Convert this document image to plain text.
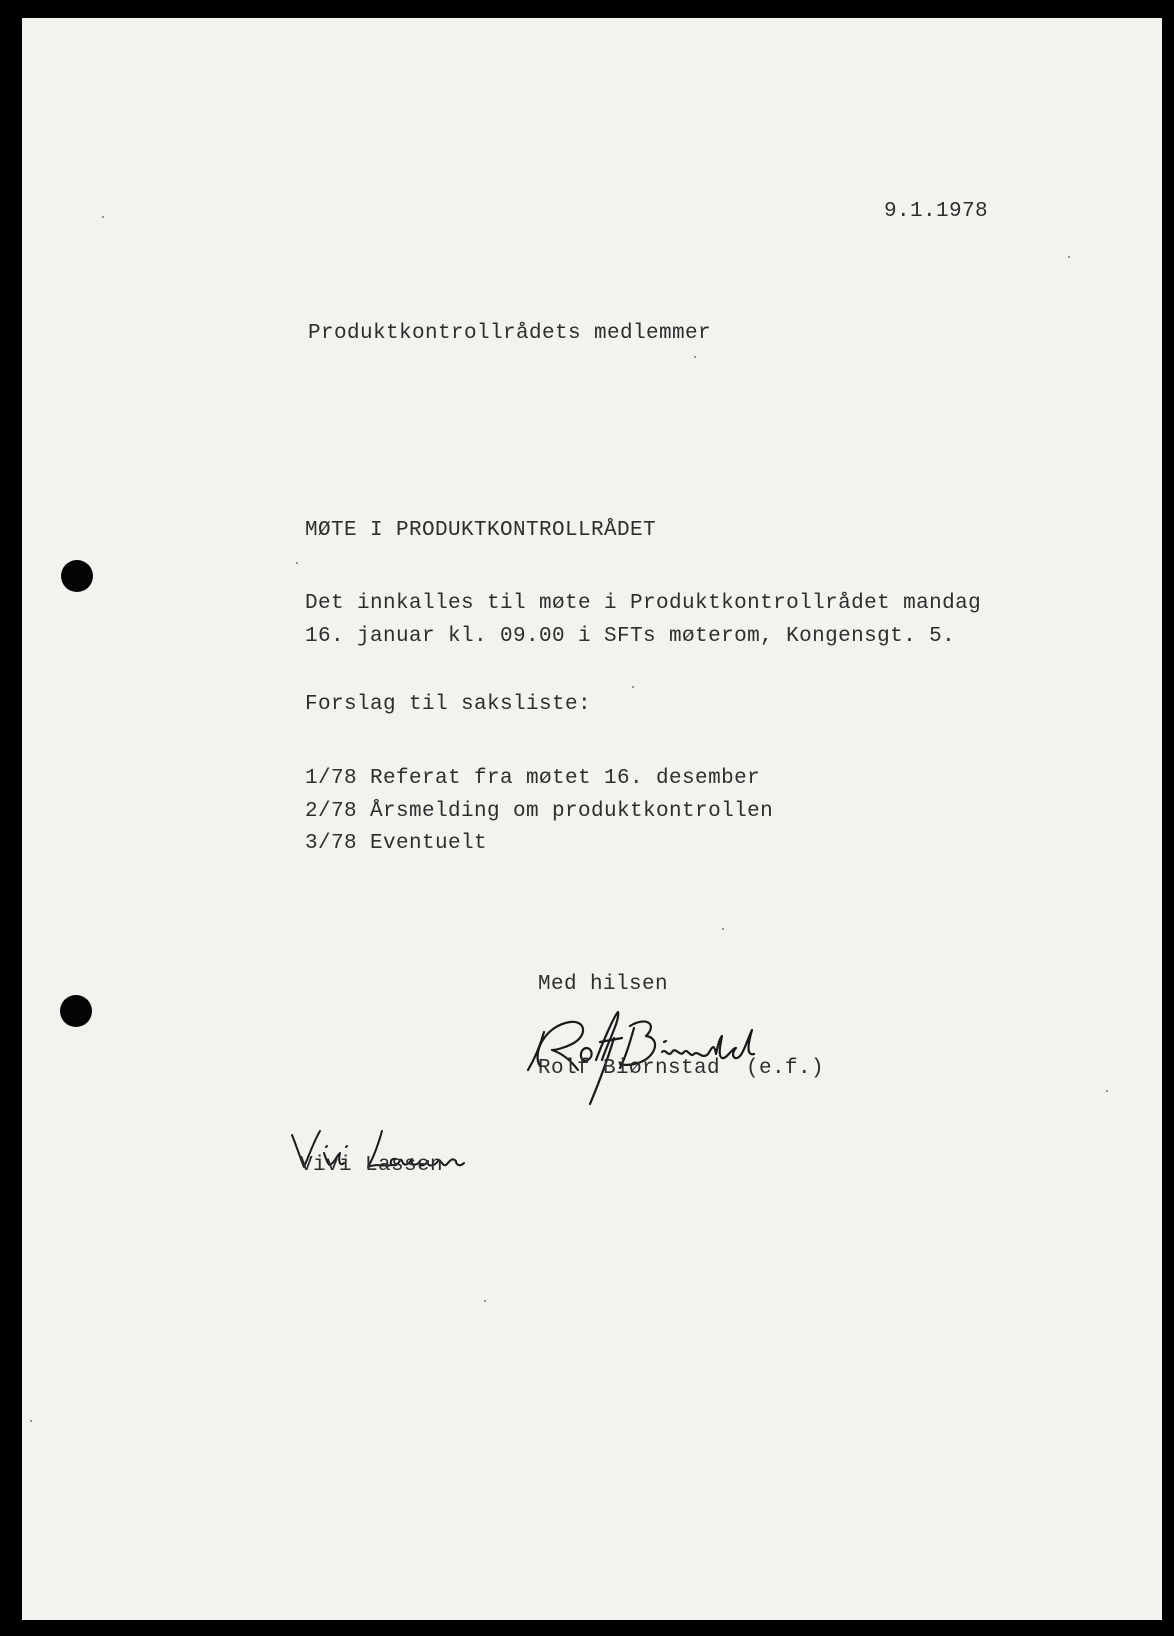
9.1.1978
Produktkontrollrådets medlemmer
MØTE I PRODUKTKONTROLLRÅDET
Det innkalles til møte i Produktkontrollrådet mandag
16. januar kl. 09.00 i SFTs møterom, Kongensgt. 5.
Forslag til saksliste:
1/78 Referat fra møtet 16. desember
2/78 Årsmelding om produktkontrollen
3/78 Eventuelt
Med hilsen
Rolf Biørnstad  (e.f.)
Vivi Lassen
